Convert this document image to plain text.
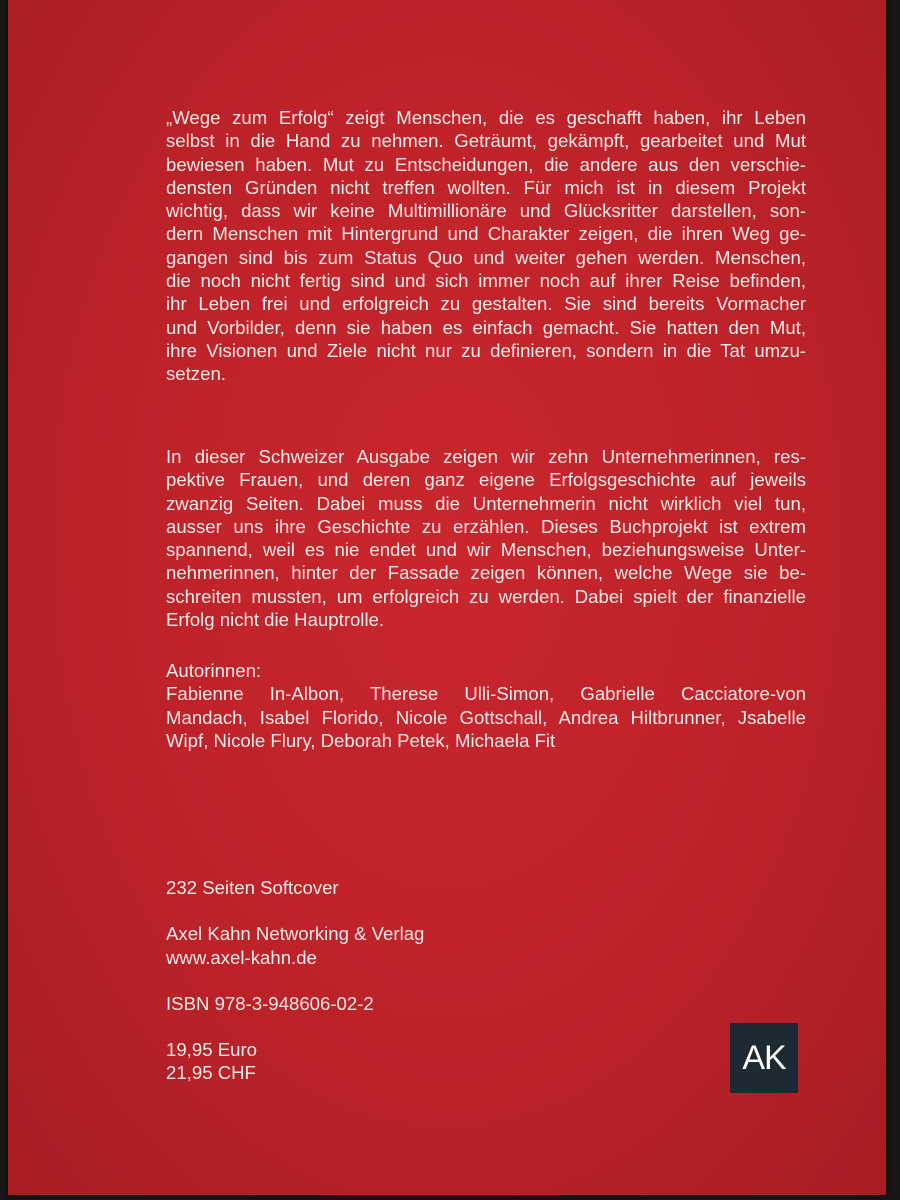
„Wege zum Erfolg“ zeigt Menschen, die es geschafft haben, ihr Leben
selbst in die Hand zu nehmen. Geträumt, gekämpft, gearbeitet und Mut
bewiesen haben. Mut zu Entscheidungen, die andere aus den verschie-
densten Gründen nicht treffen wollten. Für mich ist in diesem Projekt
wichtig, dass wir keine Multimillionäre und Glücksritter darstellen, son-
dern Menschen mit Hintergrund und Charakter zeigen, die ihren Weg ge-
gangen sind bis zum Status Quo und weiter gehen werden. Menschen,
die noch nicht fertig sind und sich immer noch auf ihrer Reise befinden,
ihr Leben frei und erfolgreich zu gestalten. Sie sind bereits Vormacher
und Vorbilder, denn sie haben es einfach gemacht. Sie hatten den Mut,
ihre Visionen und Ziele nicht nur zu definieren, sondern in die Tat umzu-
setzen.
In dieser Schweizer Ausgabe zeigen wir zehn Unternehmerinnen, res-
pektive Frauen, und deren ganz eigene Erfolgsgeschichte auf jeweils
zwanzig Seiten. Dabei muss die Unternehmerin nicht wirklich viel tun,
ausser uns ihre Geschichte zu erzählen. Dieses Buchprojekt ist extrem
spannend, weil es nie endet und wir Menschen, beziehungsweise Unter-
nehmerinnen, hinter der Fassade zeigen können, welche Wege sie be-
schreiten mussten, um erfolgreich zu werden. Dabei spielt der finanzielle
Erfolg nicht die Hauptrolle.
Autorinnen:
Fabienne In-Albon, Therese Ulli-Simon, Gabrielle Cacciatore-von
Mandach, Isabel Florido, Nicole Gottschall, Andrea Hiltbrunner, Jsabelle
Wipf, Nicole Flury, Deborah Petek, Michaela Fit
232 Seiten Softcover
Axel Kahn Networking & Verlag
www.axel-kahn.de
ISBN 978-3-948606-02-2
19,95 Euro
21,95 CHF	AK
